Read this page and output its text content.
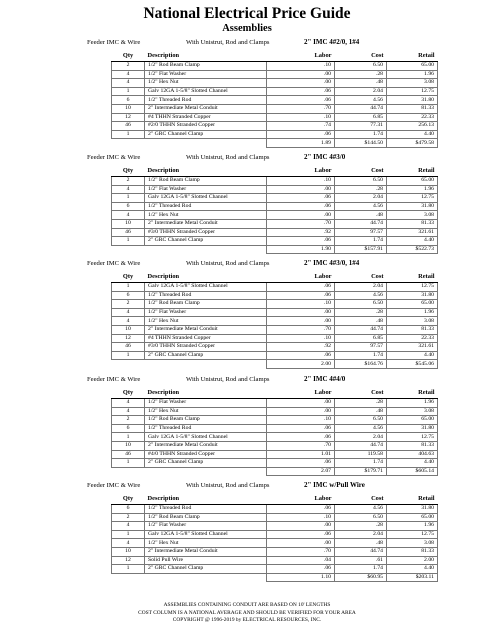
National Electrical Price Guide
Assemblies
Feeder IMC & Wire	With Unistrut, Rod and Clamps	2" IMC 4#2/0, 1#4
Qty	Description	Labor	Cost	Retail
2	1/2" Rod Beam Clamp	.10	6.50	65.00
4	1/2" Flat Washer	.00	.28	1.96
4	1/2" Hex Nut	.00	.48	3.08
1	Galv 12GA 1-5/8" Slotted Channel	.06	2.04	12.75
6	1/2" Threaded Rod	.06	4.56	31.80
10	2" Intermediate Metal Conduit	.70	44.74	81.33
12	#4 THHN Stranded Copper	.10	6.85	22.33
46	#2/0 THHN Stranded Copper	.74	77.31	256.13
1	2" GRC Channel Clamp	.06	1.74	4.40
		1.89	$144.50	$479.58
Feeder IMC & Wire	With Unistrut, Rod and Clamps	2" IMC 4#3/0
Qty	Description	Labor	Cost	Retail
2	1/2" Rod Beam Clamp	.10	6.50	65.00
4	1/2" Flat Washer	.00	.28	1.96
1	Galv 12GA 1-5/8" Slotted Channel	.06	2.04	12.75
6	1/2" Threaded Rod	.06	4.56	31.80
4	1/2" Hex Nut	.00	.48	3.08
10	2" Intermediate Metal Conduit	.70	44.74	81.33
46	#3/0 THHN Stranded Copper	.92	97.57	321.61
1	2" GRC Channel Clamp	.06	1.74	4.40
		1.90	$157.91	$522.73
Feeder IMC & Wire	With Unistrut, Rod and Clamps	2" IMC 4#3/0, 1#4
Qty	Description	Labor	Cost	Retail
1	Galv 12GA 1-5/8" Slotted Channel	.06	2.04	12.75
6	1/2" Threaded Rod	.06	4.56	31.80
2	1/2" Rod Beam Clamp	.10	6.50	65.00
4	1/2" Flat Washer	.00	.28	1.96
4	1/2" Hex Nut	.00	.48	3.08
10	2" Intermediate Metal Conduit	.70	44.74	81.33
12	#4 THHN Stranded Copper	.10	6.85	22.33
46	#3/0 THHN Stranded Copper	.92	97.57	321.61
1	2" GRC Channel Clamp	.06	1.74	4.40
		2.00	$164.76	$545.06
Feeder IMC & Wire	With Unistrut, Rod and Clamps	2" IMC 4#4/0
Qty	Description	Labor	Cost	Retail
4	1/2" Flat Washer	.00	.28	1.96
4	1/2" Hex Nut	.00	.48	3.08
2	1/2" Rod Beam Clamp	.10	6.50	65.00
6	1/2" Threaded Rod	.06	4.56	31.80
1	Galv 12GA 1-5/8" Slotted Channel	.06	2.04	12.75
10	2" Intermediate Metal Conduit	.70	44.74	81.33
46	#4/0 THHN Stranded Copper	1.01	119.58	404.63
1	2" GRC Channel Clamp	.06	1.74	4.40
		2.07	$179.71	$605.14
Feeder IMC & Wire	With Unistrut, Rod and Clamps	2" IMC w/Pull Wire
Qty	Description	Labor	Cost	Retail
6	1/2" Threaded Rod	.06	4.56	31.80
2	1/2" Rod Beam Clamp	.10	6.50	65.00
4	1/2" Flat Washer	.00	.28	1.96
1	Galv 12GA 1-5/8" Slotted Channel	.06	2.04	12.75
4	1/2" Hex Nut	.00	.48	3.08
10	2" Intermediate Metal Conduit	.70	44.74	81.33
12	Solid Pull Wire	.04	.61	2.00
1	2" GRC Channel Clamp	.06	1.74	4.40
		1.10	$60.95	$203.11
ASSEMBLIES CONTAINING CONDUIT ARE BASED ON 10' LENGTHS
COST COLUMN IS A NATIONAL AVERAGE AND SHOULD BE VERIFIED FOR YOUR AREA
COPYRIGHT @ 1996-2019 by ELECTRICAL RESOURCES, INC.
